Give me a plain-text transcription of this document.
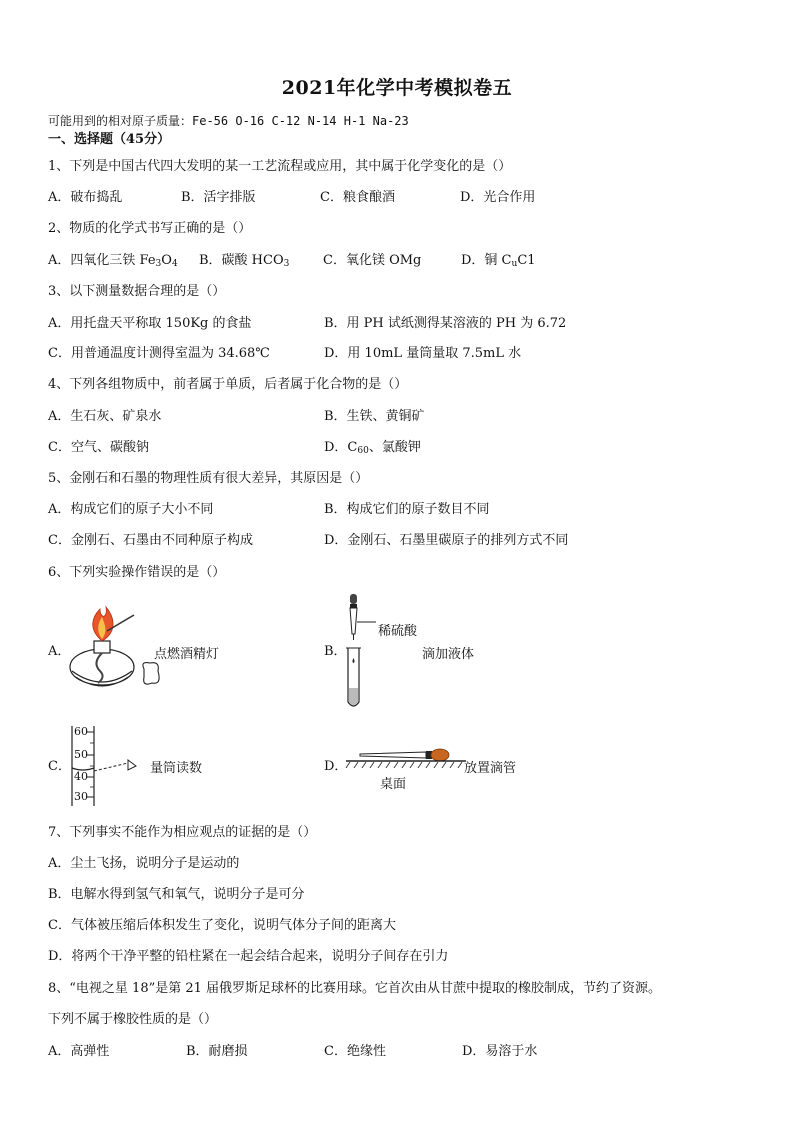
2021年化学中考模拟卷五
可能用到的相对原子质量：Fe-56 O-16 C-12 N-14 H-1 Na-23
一、选择题（45分）
1、下列是中国古代四大发明的某一工艺流程或应用，其中属于化学变化的是（）
A．破布捣乱	B．活字排版	C．粮食酿酒	D．光合作用
2、物质的化学式书写正确的是（）
A．四氧化三铁 $Fe_3O_4$ B．碳酸 $HCO_3$	C．氧化镁 OMg	D．铜 $C_uC1$
3、以下测量数据合理的是（）
A．用托盘天平称取 150Kg 的食盐	B．用 PH 试纸测得某溶液的 PH 为 6.72
C．用普通温度计测得室温为 34.68℃	D．用 10mL 量筒量取 7.5mL 水
4、下列各组物质中，前者属于单质，后者属于化合物的是（）
A．生石灰、矿泉水	B．生铁、黄铜矿
C．空气、碳酸钠	D．$C_{60}$、氯酸钾
5、金刚石和石墨的物理性质有很大差异，其原因是（）
A．构成它们的原子大小不同	B．构成它们的原子数目不同
C．金刚石、石墨由不同种原子构成	D．金刚石、石墨里碳原子的排列方式不同
6、下列实验操作错误的是（）
A．	点燃酒精灯	B．
稀硫酸
滴加液体
C．
60
50
40
30
量筒读数	D．
桌面
放置滴管
7、下列事实不能作为相应观点的证据的是（）
A．尘土飞扬，说明分子是运动的
B．电解水得到氢气和氧气，说明分子是可分
C．气体被压缩后体积发生了变化，说明气体分子间的距离大
D．将两个干净平整的铅柱紧在一起会结合起来，说明分子间存在引力
8、“电视之星 18”是第 21 届俄罗斯足球杯的比赛用球。它首次由从甘蔗中提取的橡胶制成，节约了资源。
下列不属于橡胶性质的是（）
A．高弹性	B．耐磨损	C．绝缘性	D．易溶于水
